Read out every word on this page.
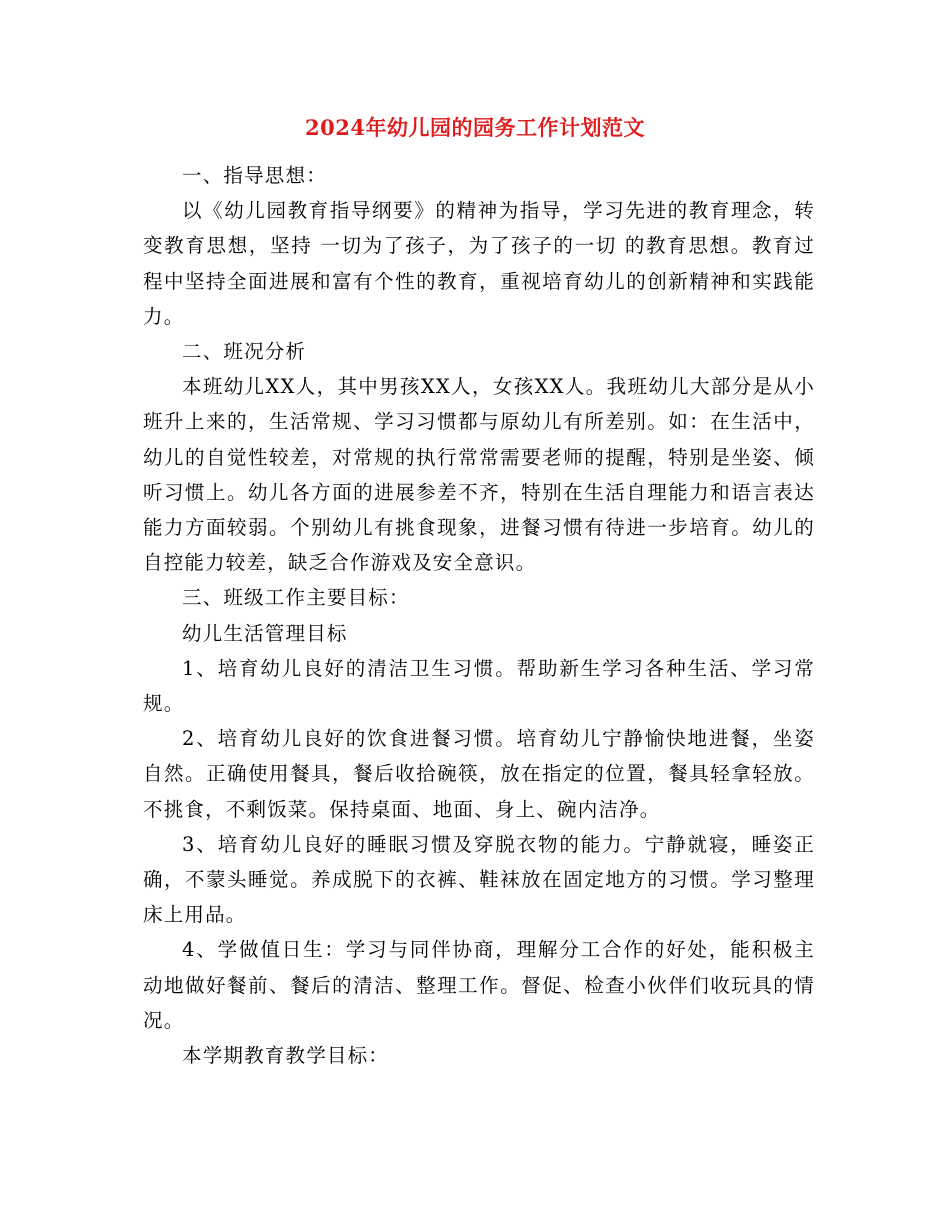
2024年幼儿园的园务工作计划范文

一、指导思想：

以《幼儿园教育指导纲要》的精神为指导，学习先进的教育理念，转变教育思想，坚持 一切为了孩子，为了孩子的一切 的教育思想。教育过程中坚持全面进展和富有个性的教育，重视培育幼儿的创新精神和实践能力。

二、班况分析

本班幼儿XX人，其中男孩XX人，女孩XX人。我班幼儿大部分是从小班升上来的，生活常规、学习习惯都与原幼儿有所差别。如：在生活中，幼儿的自觉性较差，对常规的执行常常需要老师的提醒，特别是坐姿、倾听习惯上。幼儿各方面的进展参差不齐，特别在生活自理能力和语言表达能力方面较弱。个别幼儿有挑食现象，进餐习惯有待进一步培育。幼儿的自控能力较差，缺乏合作游戏及安全意识。

三、班级工作主要目标：

幼儿生活管理目标

1、培育幼儿良好的清洁卫生习惯。帮助新生学习各种生活、学习常规。

2、培育幼儿良好的饮食进餐习惯。培育幼儿宁静愉快地进餐，坐姿自然。正确使用餐具，餐后收拾碗筷，放在指定的位置，餐具轻拿轻放。不挑食，不剩饭菜。保持桌面、地面、身上、碗内洁净。

3、培育幼儿良好的睡眠习惯及穿脱衣物的能力。宁静就寝，睡姿正确，不蒙头睡觉。养成脱下的衣裤、鞋袜放在固定地方的习惯。学习整理床上用品。

4、学做值日生：学习与同伴协商，理解分工合作的好处，能积极主动地做好餐前、餐后的清洁、整理工作。督促、检查小伙伴们收玩具的情况。

本学期教育教学目标：
